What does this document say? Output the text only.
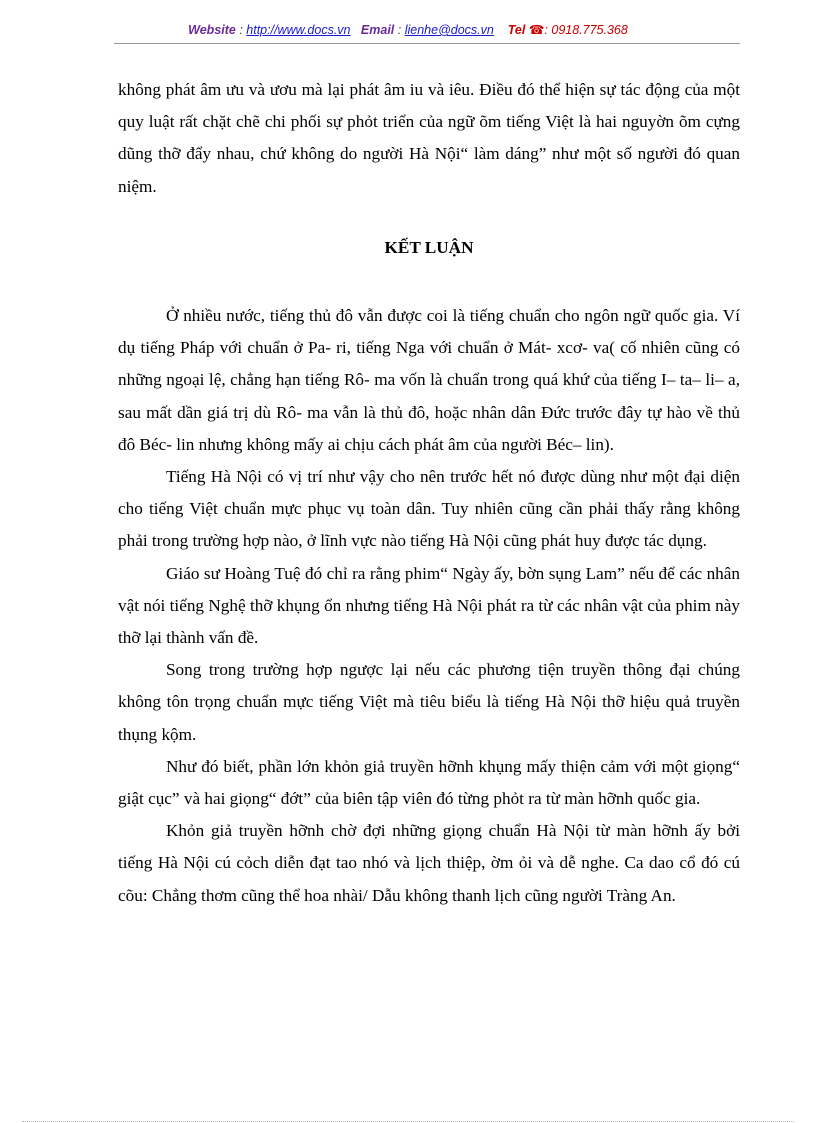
Website : http://www.docs.vn Email : lienhe@docs.vn Tel ☎: 0918.775.368

không phát âm ưu và ươu mà lại phát âm iu và iêu. Điều đó thể hiện sự tác động của một quy luật rất chặt chẽ chi phối sự phỏt triển của ngữ õm tiếng Việt là hai nguyờn õm cựng dũng thỡ đẩy nhau, chứ không do người Hà Nội“ làm dáng” như một số người đó quan niệm.

KẾT LUẬN

Ở nhiều nước, tiếng thủ đô vẫn được coi là tiếng chuẩn cho ngôn ngữ quốc gia. Ví dụ tiếng Pháp với chuẩn ở Pa- ri, tiếng Nga với chuẩn ở Mát- xcơ- va( cố nhiên cũng có những ngoại lệ, chẳng hạn tiếng Rô- ma vốn là chuẩn trong quá khứ của tiếng I– ta– li– a, sau mất dần giá trị dù Rô- ma vẫn là thủ đô, hoặc nhân dân Đức trước đây tự hào về thủ đô Béc- lin nhưng không mấy ai chịu cách phát âm của người Béc– lin).

Tiếng Hà Nội có vị trí như vậy cho nên trước hết nó được dùng như một đại diện cho tiếng Việt chuẩn mực phục vụ toàn dân. Tuy nhiên cũng cần phải thấy rằng không phải trong trường hợp nào, ở lĩnh vực nào tiếng Hà Nội cũng phát huy được tác dụng.

Giáo sư Hoàng Tuệ đó chỉ ra rằng phim“ Ngày ấy, bờn sụng Lam” nếu để các nhân vật nói tiếng Nghệ thỡ khụng ổn nhưng tiếng Hà Nội phát ra từ các nhân vật của phim này thỡ lại thành vấn đề.

Song trong trường hợp ngược lại nếu các phương tiện truyền thông đại chúng không tôn trọng chuẩn mực tiếng Việt mà tiêu biểu là tiếng Hà Nội thỡ hiệu quả truyền thụng kộm.

Như đó biết, phần lớn khỏn giả truyền hỡnh khụng mấy thiện cảm với một giọng“ giật cục” và hai giọng“ đớt” của biên tập viên đó từng phỏt ra từ màn hỡnh quốc gia.

Khỏn giả truyền hỡnh chờ đợi những giọng chuẩn Hà Nội từ màn hỡnh ấy bởi tiếng Hà Nội cú cỏch diễn đạt tao nhó và lịch thiệp, ờm ỏi và dễ nghe. Ca dao cổ đó cú cõu: Chẳng thơm cũng thể hoa nhài/ Dẫu không thanh lịch cũng người Tràng An.
